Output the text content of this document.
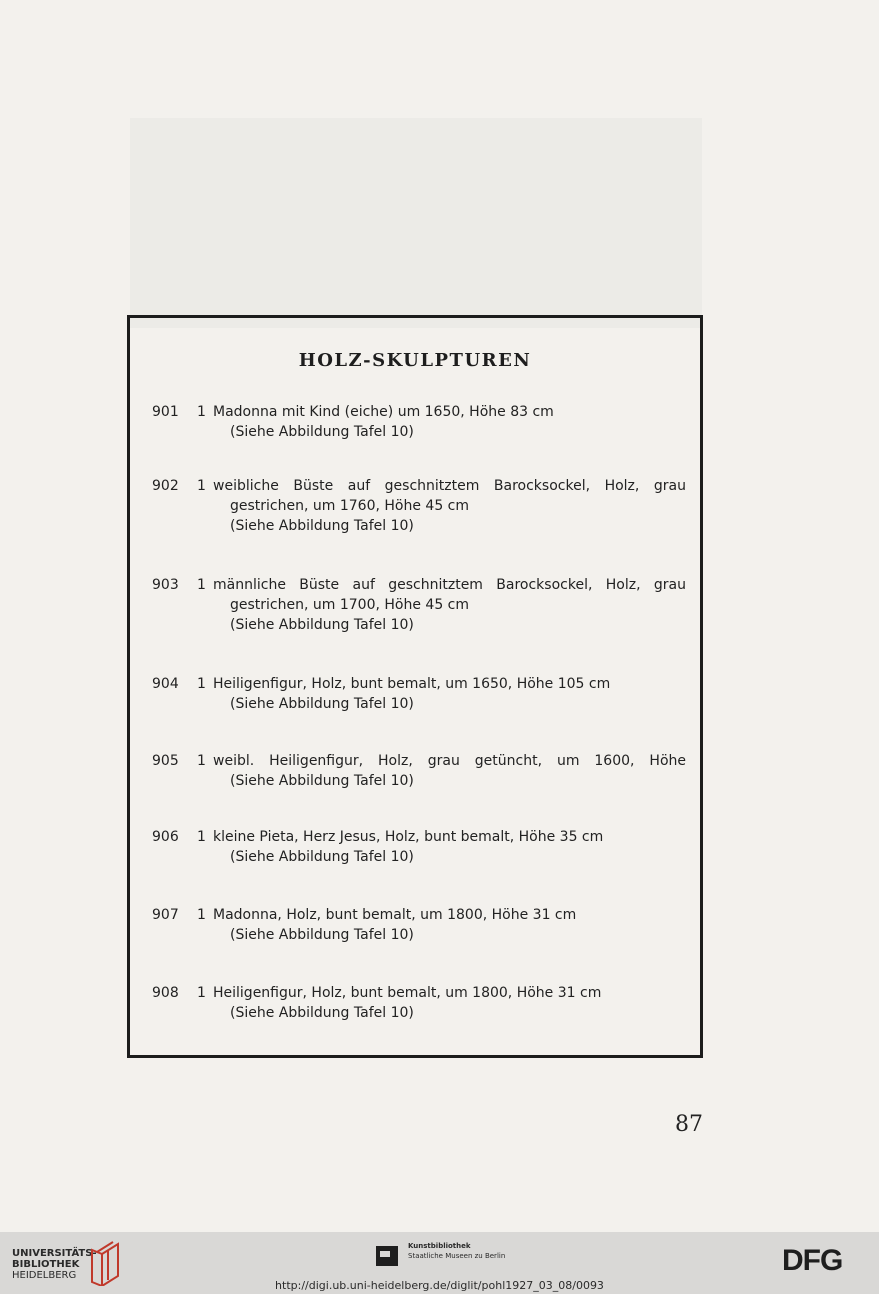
HOLZ-SKULPTUREN
901 1 Madonna mit Kind (eiche) um 1650, Höhe 83 cm
(Siehe Abbildung Tafel 10)
902 1 weibliche Büste auf geschnitztem Barocksockel, Holz, grau
gestrichen, um 1760, Höhe 45 cm
(Siehe Abbildung Tafel 10)
903 1 männliche Büste auf geschnitztem Barocksockel, Holz, grau
gestrichen, um 1700, Höhe 45 cm
(Siehe Abbildung Tafel 10)
904 1 Heiligenfigur, Holz, bunt bemalt, um 1650, Höhe 105 cm
(Siehe Abbildung Tafel 10)
905 1 weibl. Heiligenfigur, Holz, grau getüncht, um 1600, Höhe
(Siehe Abbildung Tafel 10)
906 1 kleine Pieta, Herz Jesus, Holz, bunt bemalt, Höhe 35 cm
(Siehe Abbildung Tafel 10)
907 1 Madonna, Holz, bunt bemalt, um 1800, Höhe 31 cm
(Siehe Abbildung Tafel 10)
908 1 Heiligenfigur, Holz, bunt bemalt, um 1800, Höhe 31 cm
(Siehe Abbildung Tafel 10)
87
UNIVERSITÄTS-
BIBLIOTHEK
HEIDELBERG
Kunstbibliothek
Staatliche Museen zu Berlin	DFG
http://digi.ub.uni-heidelberg.de/diglit/pohl1927_03_08/0093
